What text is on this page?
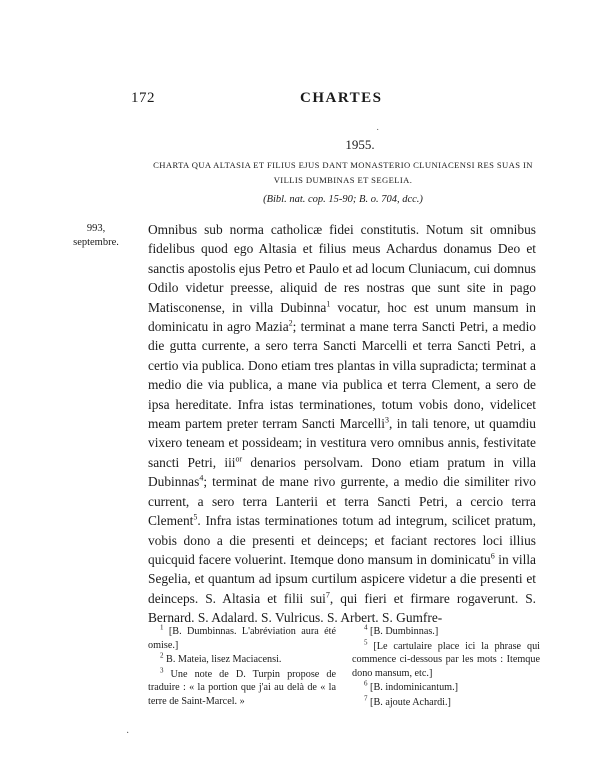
172	CHARTES
1955.
CHARTA QUA ALTASIA ET FILIUS EJUS DANT MONASTERIO CLUNIACENSI RES SUAS IN VILLIS DUMBINAS ET SEGELIA.
(Bibl. nat. cop. 15-90; B. o. 704, dcc.)
993,
septembre.

Omnibus sub norma catholicæ fidei constitutis. Notum sit omnibus fidelibus quod ego Altasia et filius meus Achardus donamus Deo et sanctis apostolis ejus Petro et Paulo et ad locum Cluniacum, cui domnus Odilo videtur preesse, aliquid de res nostras que sunt site in pago Matisconense, in villa Dubinna$^1$ vocatur, hoc est unum mansum in dominicatu in agro Mazia$^2$; terminat a mane terra Sancti Petri, a medio die gutta currente, a sero terra Sancti Marcelli et terra Sancti Petri, a certio via publica. Dono etiam tres plantas in villa supradicta; terminat a medio die via publica, a mane via publica et terra Clement, a sero de ipsa hereditate. Infra istas terminationes, totum vobis dono, videlicet meam partem preter terram Sancti Marcelli$^3$, in tali tenore, ut quamdiu vixero teneam et possideam; in vestitura vero omnibus annis, festivitate sancti Petri, iii$^{or}$ denarios persolvam. Dono etiam pratum in villa Dubinnas$^4$; terminat de mane rivo gurrente, a medio die similiter rivo current, a sero terra Lanterii et terra Sancti Petri, a cercio terra Clement$^5$. Infra istas terminationes totum ad integrum, scilicet pratum, vobis dono a die presenti et deinceps; et faciant rectores loci illius quicquid facere voluerint. Itemque dono mansum in dominicatu$^6$ in villa Segelia, et quantum ad ipsum curtilum aspicere videtur a die presenti et deinceps. S. Altasia et filii sui$^7$, qui fieri et firmare rogaverunt. S. Bernard. S. Adalard. S. Vulricus. S. Arbert. S. Gumfre-

$^1$ [B. Dumbinnas. L'abréviation aura été omise.]

$^2$ B. Mateia, lisez Maciacensi.

$^3$ Une note de D. Turpin propose de traduire : « la portion que j'ai au delà de « la terre de Saint-Marcel. »

$^4$ [B. Dumbinnas.]

$^5$ [Le cartulaire place ici la phrase qui commence ci-dessous par les mots : Itemque dono mansum, etc.]

$^6$ [B. indominicantum.]

$^7$ [B. ajoute Achardi.]

˙
·
